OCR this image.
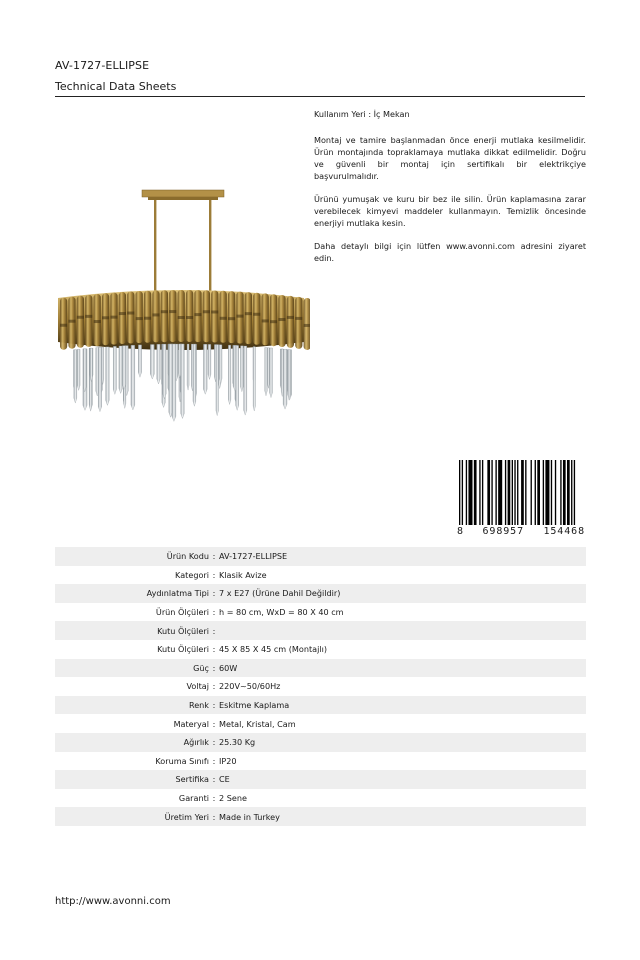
AV-1727-ELLIPSE
Technical Data Sheets

Kullanım Yeri : İç Mekan

Montaj ve tamire başlanmadan önce enerji mutlaka kesilmelidir. Ürün montajında topraklamaya mutlaka dikkat edilmelidir. Doğru ve güvenli bir montaj için sertifikalı bir elektrikçiye başvurulmalıdır.

Ürünü yumuşak ve kuru bir bez ile silin. Ürün kaplamasına zarar verebilecek kimyevi maddeler kullanmayın. Temizlik öncesinde enerjiyi mutlaka kesin.

Daha detaylı bilgi için lütfen www.avonni.com adresini ziyaret edin.

8 698957 154468
Ürün Kodu : AV-1727-ELLIPSE
Kategori : Klasik Avize
Aydınlatma Tipi : 7 x E27 (Ürüne Dahil Değildir)
Ürün Ölçüleri : h = 80 cm, WxD = 80 X 40 cm
Kutu Ölçüleri :
Kutu Ölçüleri : 45 X 85 X 45 cm (Montajlı)
Güç : 60W
Voltaj : 220V~50/60Hz
Renk : Eskitme Kaplama
Materyal : Metal, Kristal, Cam
Ağırlık : 25.30 Kg
Koruma Sınıfı : IP20
Sertifika : CE
Garanti : 2 Sene
Üretim Yeri : Made in Turkey
http://www.avonni.com
